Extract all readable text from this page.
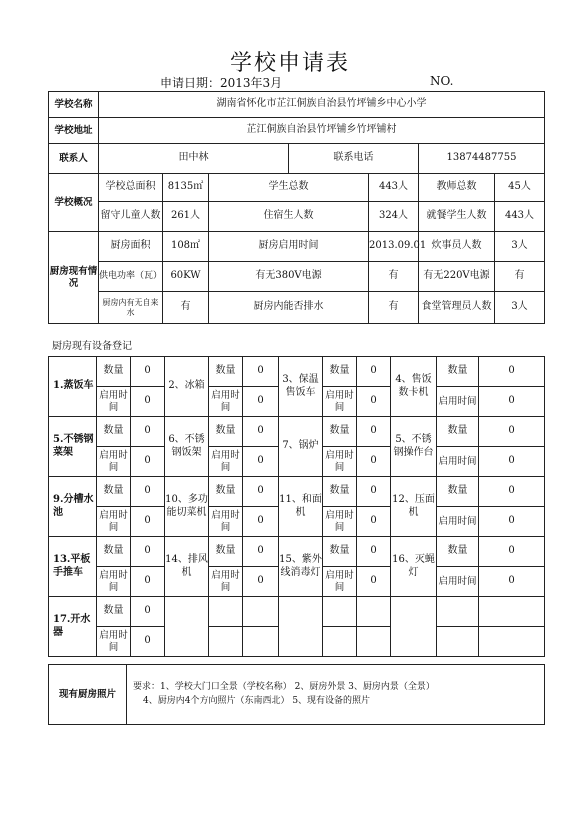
学校申请表
申请日期：2013年3月	NO.
学校名称	湖南省怀化市芷江侗族自治县竹坪铺乡中心小学						
学校地址	芷江侗族自治县竹坪铺乡竹坪铺村						
联系人	田中林			联系电话		13874487755	
学校概况	学校总面积	8135㎡	学生总数		443人	教师总数	45人
	留守儿童人数	261人	住宿生人数		324人	就餐学生人数	443人
厨房现有情况	厨房面积	108㎡	厨房启用时间		2013.09.01	炊事员人数	3人
	供电功率（瓦）	60KW	有无380V电源		有	有无220V电源	有
	厨房内有无自来水	有	厨房内能否排水		有	食堂管理员人数	3人
厨房现有设备登记
1.蒸饭车	数量	0	2、冰箱	数量	0	3、保温售饭车	数量	0	4、售饭数卡机	数量	0
	启用时间	0		启用时间	0		启用时间	0		启用时间	0
5.不锈钢菜架	数量	0	6、不锈钢饭架	数量	0	7、锅炉	数量	0	5、不锈钢操作台	数量	0
	启用时间	0		启用时间	0		启用时间	0		启用时间	0
9.分槽水池	数量	0	10、多功能切菜机	数量	0	11、和面机	数量	0	12、压面机	数量	0
	启用时间	0		启用时间	0		启用时间	0		启用时间	0
13.平板手推车	数量	0	14、排风机	数量	0	15、紫外线消毒灯	数量	0	16、灭蝇灯	数量	0
	启用时间	0		启用时间	0		启用时间	0		启用时间	0
17.开水器	数量	0									
	启用时间	0									
现有厨房照片	
要求：1、学校大门口全景（学校名称） 2、厨房外景 3、厨房内景（全景）
4、厨房内4个方向照片（东南西北） 5、现有设备的照片
